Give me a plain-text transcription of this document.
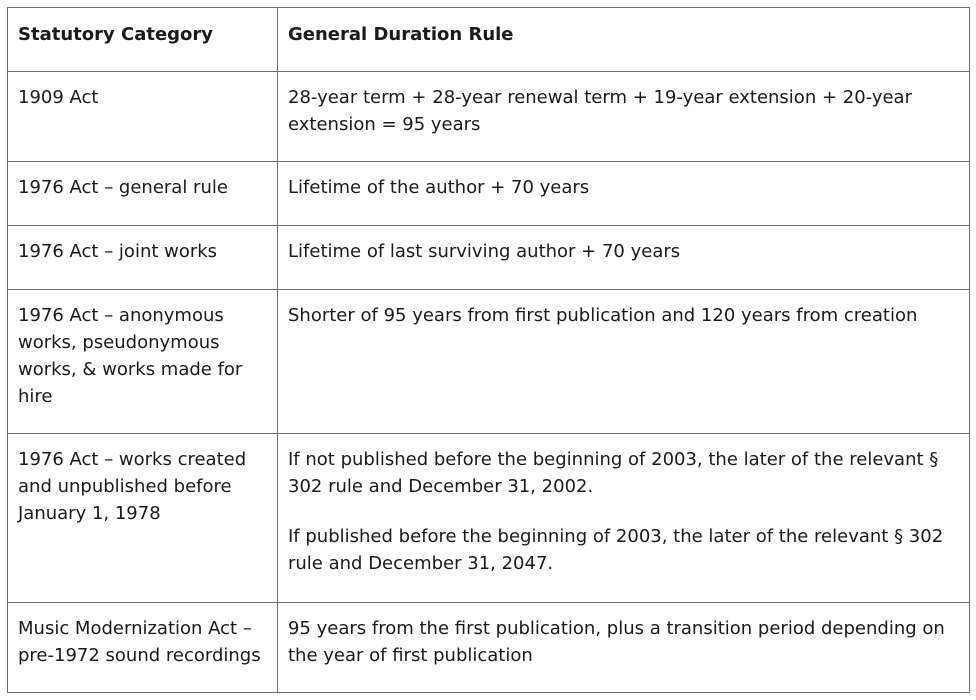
Statutory Category	General Duration Rule
1909 Act	28-year term + 28-year renewal term + 19-year extension + 20-year extension = 95 years

1976 Act – general rule	Lifetime of the author + 70 years

1976 Act – joint works	Lifetime of last surviving author + 70 years

1976 Act – anonymous works, pseudonymous works, & works made for hire	Shorter of 95 years from first publication and 120 years from creation

1976 Act – works created and unpublished before January 1, 1978	If not published before the beginning of 2003, the later of the relevant § 302 rule and December 31, 2002.

If published before the beginning of 2003, the later of the relevant § 302 rule and December 31, 2047.

Music Modernization Act – pre-1972 sound recordings	95 years from the first publication, plus a transition period depending on the year of first publication
